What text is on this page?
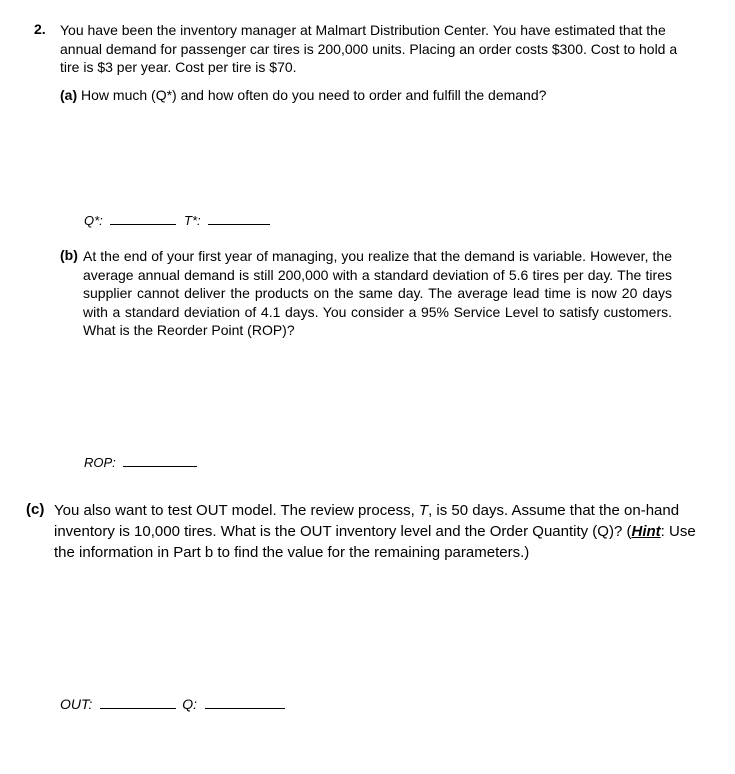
2. You have been the inventory manager at Malmart Distribution Center. You have estimated that the annual demand for passenger car tires is 200,000 units. Placing an order costs $300. Cost to hold a tire is $3 per year. Cost per tire is $70.
(a) How much (Q*) and how often do you need to order and fulfill the demand?
Q*:	T*:
(b) At the end of your first year of managing, you realize that the demand is variable. However, the average annual demand is still 200,000 with a standard deviation of 5.6 tires per day. The tires supplier cannot deliver the products on the same day. The average lead time is now 20 days with a standard deviation of 4.1 days. You consider a 95% Service Level to satisfy customers. What is the Reorder Point (ROP)?
ROP:
(c) You also want to test OUT model. The review process, T, is 50 days. Assume that the on-hand inventory is 10,000 tires. What is the OUT inventory level and the Order Quantity (Q)? (Hint: Use the information in Part b to find the value for the remaining parameters.)
OUT:	Q:
